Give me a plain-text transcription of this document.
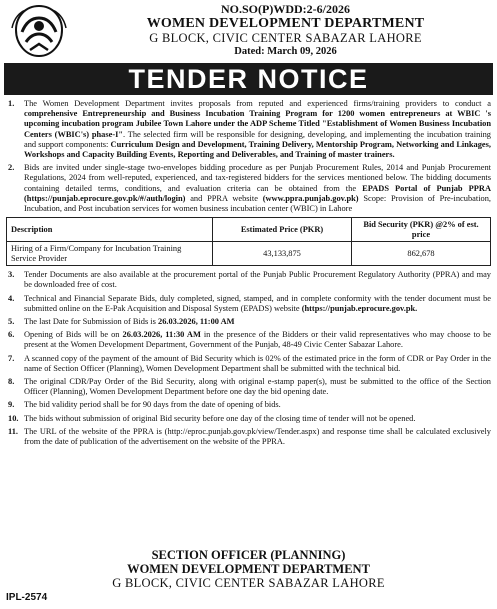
NO.SO(P)WDD:2-6/2026
WOMEN DEVELOPMENT DEPARTMENT
G BLOCK, CIVIC CENTER SABAZAR LAHORE
Dated: March 09, 2026
TENDER NOTICE
1. The Women Development Department invites proposals from reputed and experienced firms/training providers to conduct a comprehensive Entrepreneurship and Business Incubation Training Program for 1200 women entrepreneurs at WBIC 's upcoming incubation program Jubilee Town Lahore under the ADP Scheme Titled "Establishment of Women Business Incubation Centers (WBIC's) phase-I". The selected firm will be responsible for designing, developing, and implementing the incubation training and support components: Curriculum Design and Development, Training Delivery, Mentorship Program, Networking and Linkages, Workshops and Capacity Building Events, Reporting and Deliverables, and Training of master trainers.
2. Bids are invited under single-stage two-envelopes bidding procedure as per Punjab Procurement Rules, 2014 and Punjab Procurement Regulations, 2024 from well-reputed, experienced, and tax-registered bidders for the services mentioned below. The bidding documents containing detailed terms, conditions, and evaluation criteria can be obtained from the EPADS Portal of Punjab PPRA (https://punjab.eprocure.gov.pk/#/auth/login) and PPRA website (www.ppra.punjab.gov.pk) Scope: Provision of Pre-incubation, Incubation, and Post incubation services for women business incubation center (WBIC) in Lahore
Description	Estimated Price (PKR)	Bid Security (PKR) @2% of est. price
Hiring of a Firm/Company for Incubation Training Service Provider	43,133,875	862,678
3. Tender Documents are also available at the procurement portal of the Punjab Public Procurement Regulatory Authority (PPRA) and may be downloaded free of cost.
4. Technical and Financial Separate Bids, duly completed, signed, stamped, and in complete conformity with the tender document must be submitted online on the E-Pak Acquisition and Disposal System (EPADS) website (https://punjab.eprocure.gov.pk.
5. The last Date for Submission of Bids is 26.03.2026, 11:00 AM
6. Opening of Bids will be on 26.03.2026, 11:30 AM in the presence of the Bidders or their valid representatives who may choose to be present at the Women Development Department, Government of the Punjab, 48-49 Civic Center Sabazar Lahore.
7. A scanned copy of the payment of the amount of Bid Security which is 02% of the estimated price in the form of CDR or Pay Order in the name of Section Officer (Planning), Women Development Department shall be submitted with the technical bid.
8. The original CDR/Pay Order of the Bid Security, along with original e-stamp paper(s), must be submitted to the office of the Section Officer (Planning), Women Development Department before one day the bid opening date.
9. The bid validity period shall be for 90 days from the date of opening of bids.
10. The bids without submission of original Bid security before one day of the closing time of tender will not be opened.
11. The URL of the website of the PPRA is (http://eproc.punjab.gov.pk/view/Tender.aspx) and response time shall be calculated exclusively from the date of publication of the advertisement on the website of the PPRA.
SECTION OFFICER (PLANNING)
WOMEN DEVELOPMENT DEPARTMENT
G BLOCK, CIVIC CENTER SABAZAR LAHORE
IPL-2574
